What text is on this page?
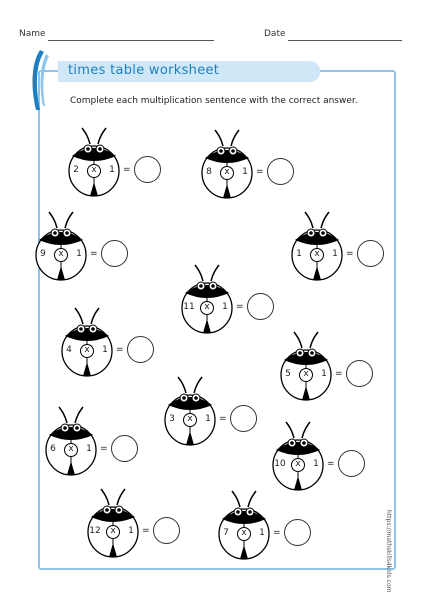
Name	Date
times table worksheet
Complete each multiplication sentence with the correct answer.
https://mathskills4kids.com
2	x	1 =	8	x	1 =
9	x	1 =	1	x	1 =
11	x	1 =
4	x	1 =
5	x	1 =
3	x	1 =
6	x	1 =
10	x	1 =
12	x	1 =	7	x	1 =
